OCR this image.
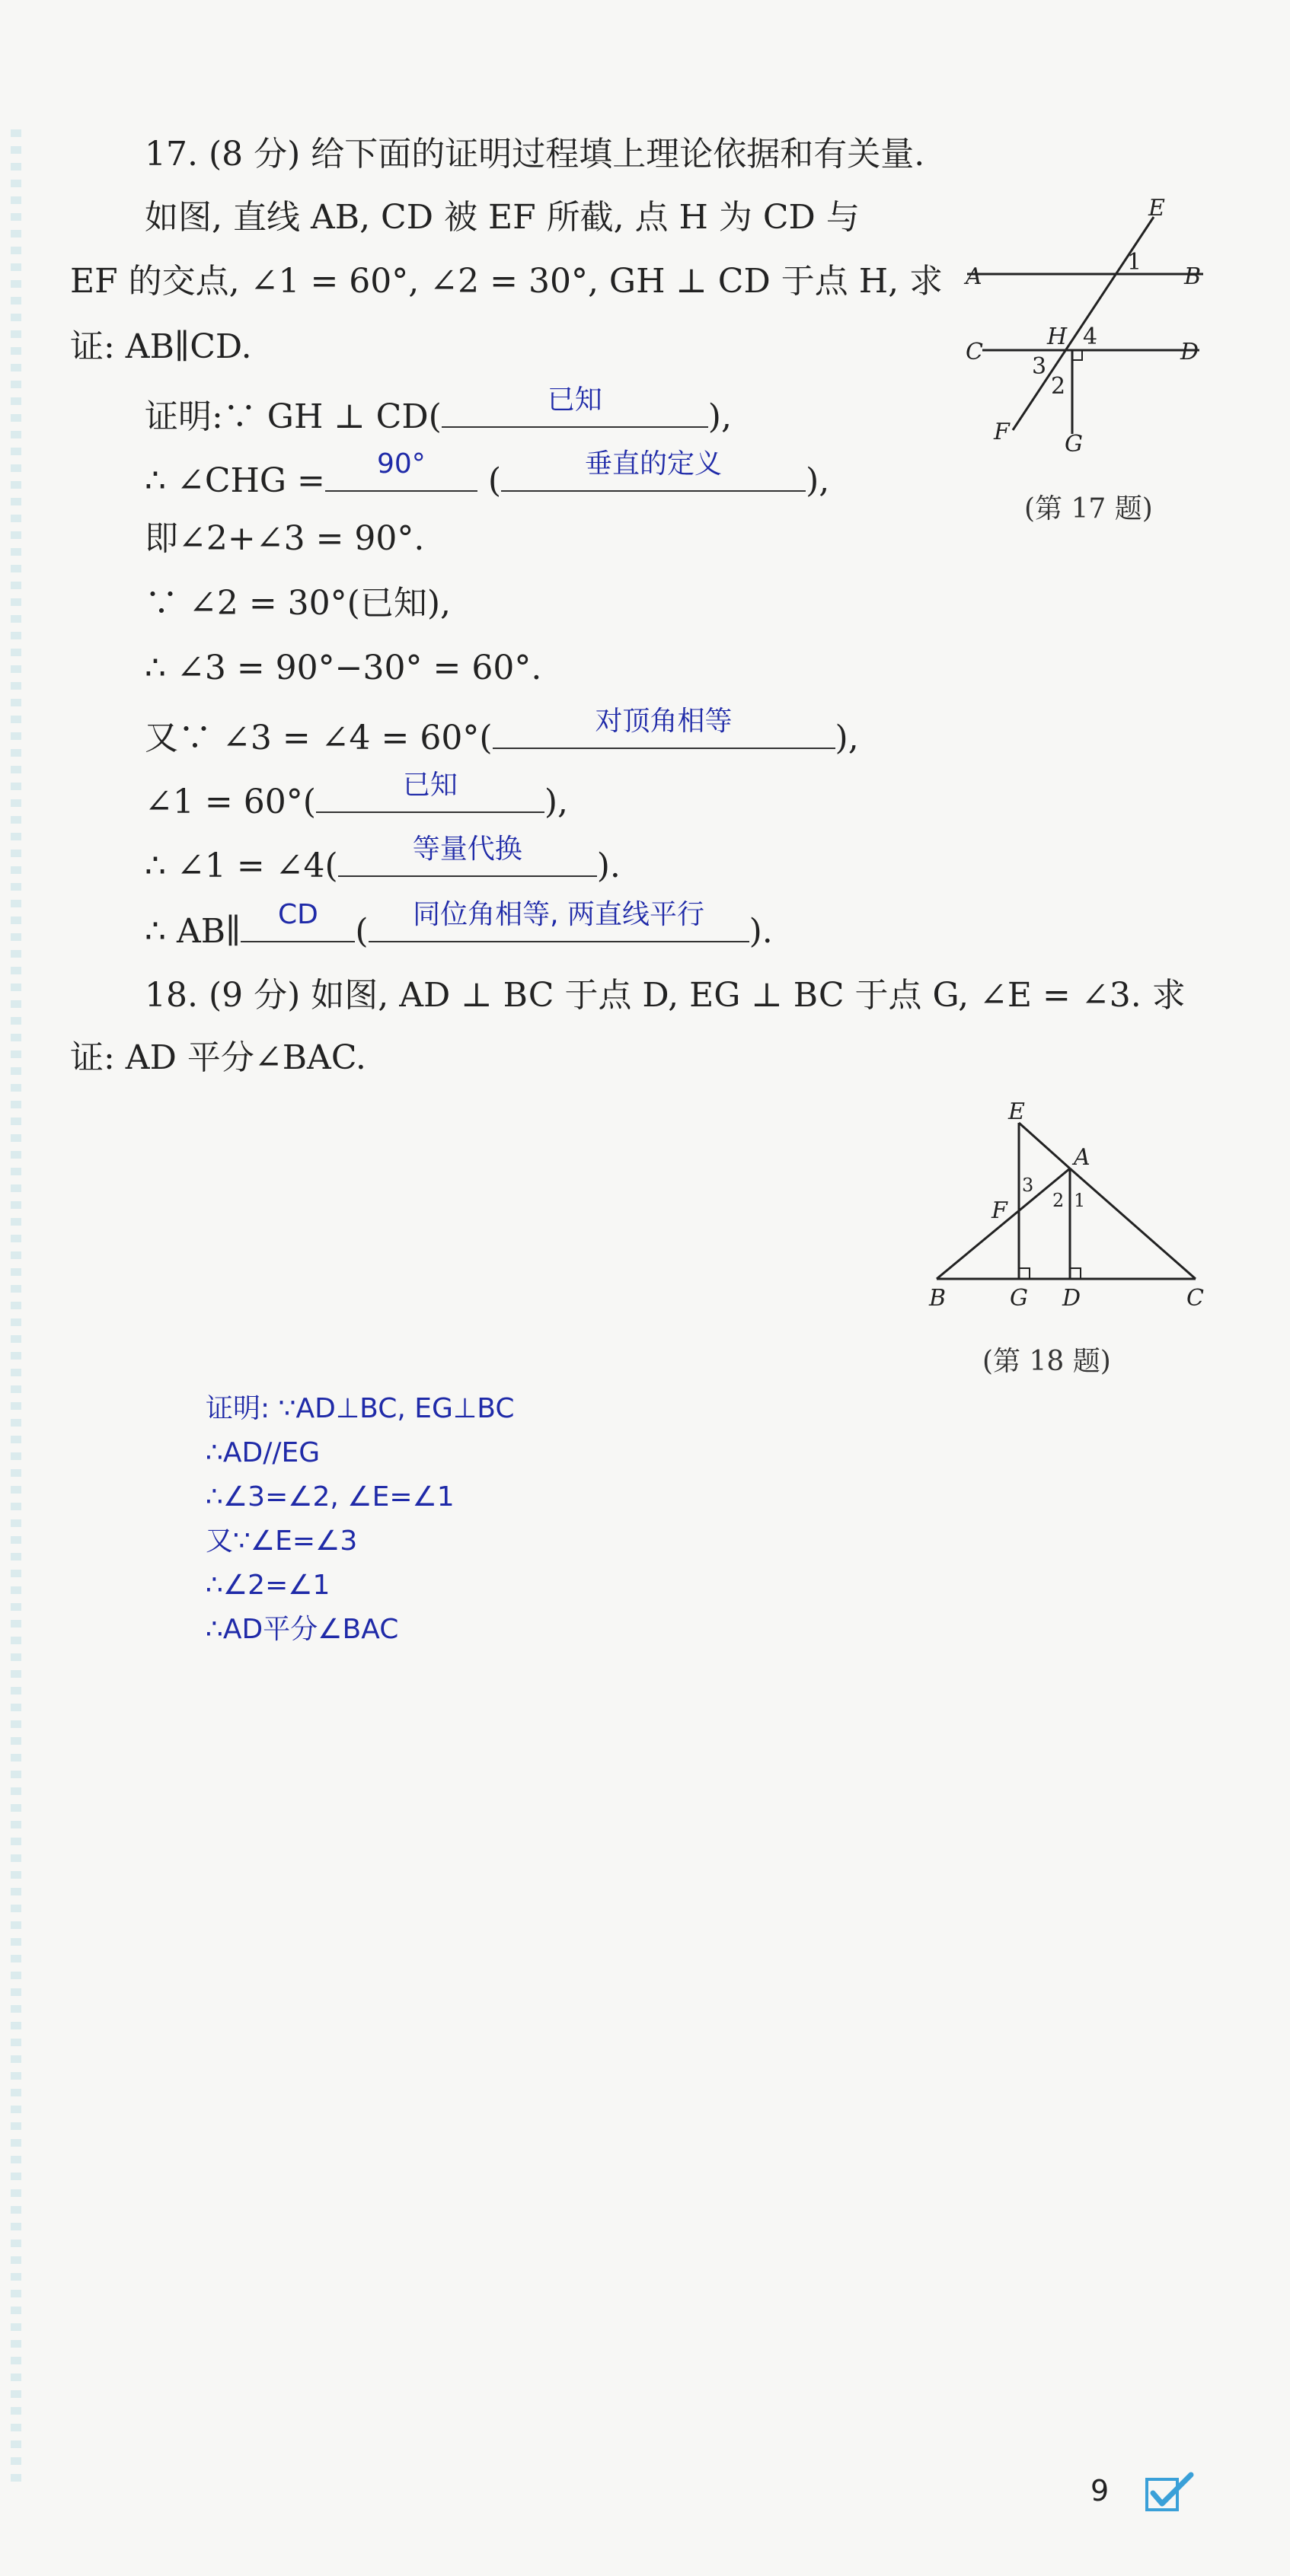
17. (8 分) 给下面的证明过程填上理论依据和有关量.
如图, 直线 AB, CD 被 EF 所截, 点 H 为 CD 与
EF 的交点, ∠1 = 60°, ∠2 = 30°, GH ⊥ CD 于点 H, 求
证: AB∥CD.
证明:∵ GH ⊥ CD(	已知	),
∴ ∠CHG =	90°	(	垂直的定义	),
即∠2+∠3 = 90°.
∵ ∠2 = 30°(已知),
∴ ∠3 = 90°−30° = 60°.
又∵ ∠3 = ∠4 = 60°(	对顶角相等	),
∠1 = 60°(	已知	),
∴ ∠1 = ∠4(	等量代换	).
∴ AB∥	CD	(	同位角相等, 两直线平行	).
E
A
1
B
H 4
C
3
D
2
F G
(第 17 题)
18. (9 分) 如图, AD ⊥ BC 于点 D, EG ⊥ BC 于点 G, ∠E = ∠3. 求
证: AD 平分∠BAC.
E
A
F
3
2 1
B	G D	C
(第 18 题)
证明: ∵AD⊥BC, EG⊥BC
∴AD//EG
∴∠3=∠2, ∠E=∠1
又∵∠E=∠3
∴∠2=∠1
∴AD平分∠BAC
9
